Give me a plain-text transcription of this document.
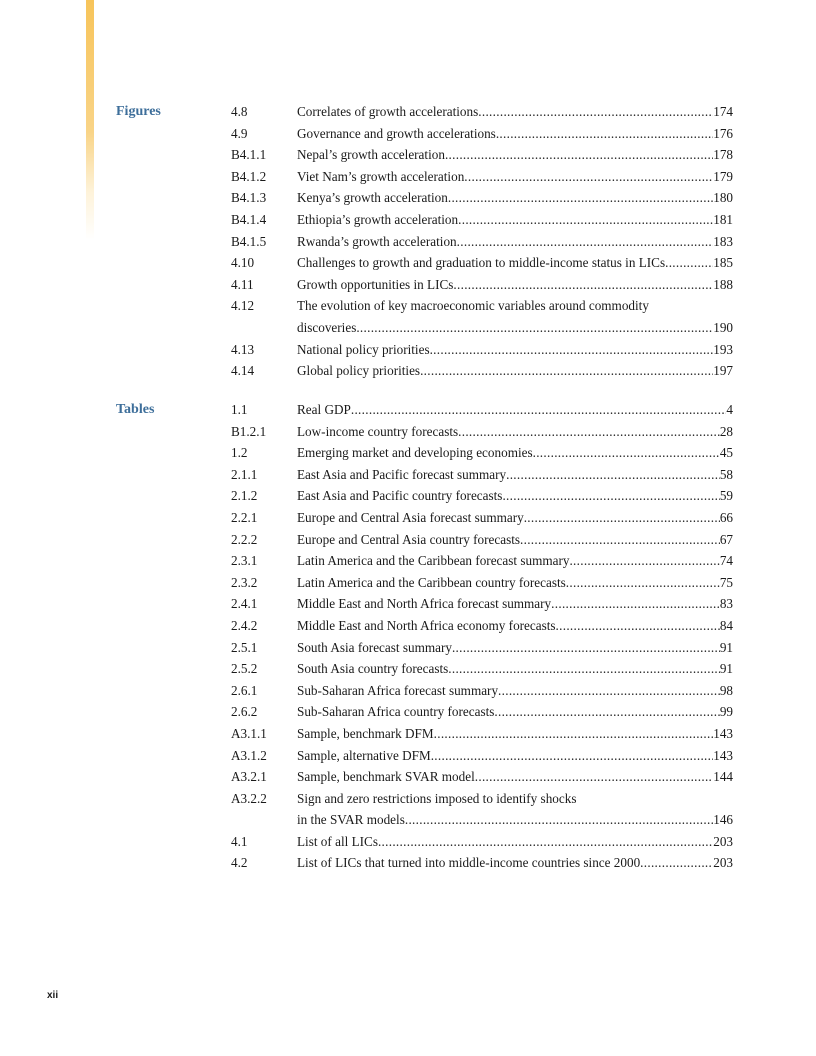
Figures	4.8	Correlates of growth accelerations .....	174
4.9	Governance and growth accelerations .....	176
B4.1.1	Nepal’s growth acceleration .....	178
B4.1.2	Viet Nam’s growth acceleration .....	179
B4.1.3	Kenya’s growth acceleration .....	180
B4.1.4	Ethiopia’s growth acceleration .....	181
B4.1.5	Rwanda’s growth acceleration .....	183
4.10	Challenges to growth and graduation to middle-income status in LICs .....	185
4.11	Growth opportunities in LICs .....	188
4.12	The evolution of key macroeconomic variables around commodity
discoveries .....	190
4.13	National policy priorities .....	193
4.14	Global policy priorities .....	197
Tables	1.1	Real GDP .....	4
B1.2.1	Low-income country forecasts .....	28
1.2	Emerging market and developing economies .....	45
2.1.1	East Asia and Pacific forecast summary .....	58
2.1.2	East Asia and Pacific country forecasts .....	59
2.2.1	Europe and Central Asia forecast summary .....	66
2.2.2	Europe and Central Asia country forecasts .....	67
2.3.1	Latin America and the Caribbean forecast summary .....	74
2.3.2	Latin America and the Caribbean country forecasts .....	75
2.4.1	Middle East and North Africa forecast summary .....	83
2.4.2	Middle East and North Africa economy forecasts .....	84
2.5.1	South Asia forecast summary .....	91
2.5.2	South Asia country forecasts .....	91
2.6.1	Sub-Saharan Africa forecast summary .....	98
2.6.2	Sub-Saharan Africa country forecasts .....	99
A3.1.1	Sample, benchmark DFM .....	143
A3.1.2	Sample, alternative DFM .....	143
A3.2.1	Sample, benchmark SVAR model .....	144
A3.2.2	Sign and zero restrictions imposed to identify shocks
in the SVAR models .....	146
4.1	List of all LICs .....	203
4.2	List of LICs that turned into middle-income countries since 2000 .....	203
xii
